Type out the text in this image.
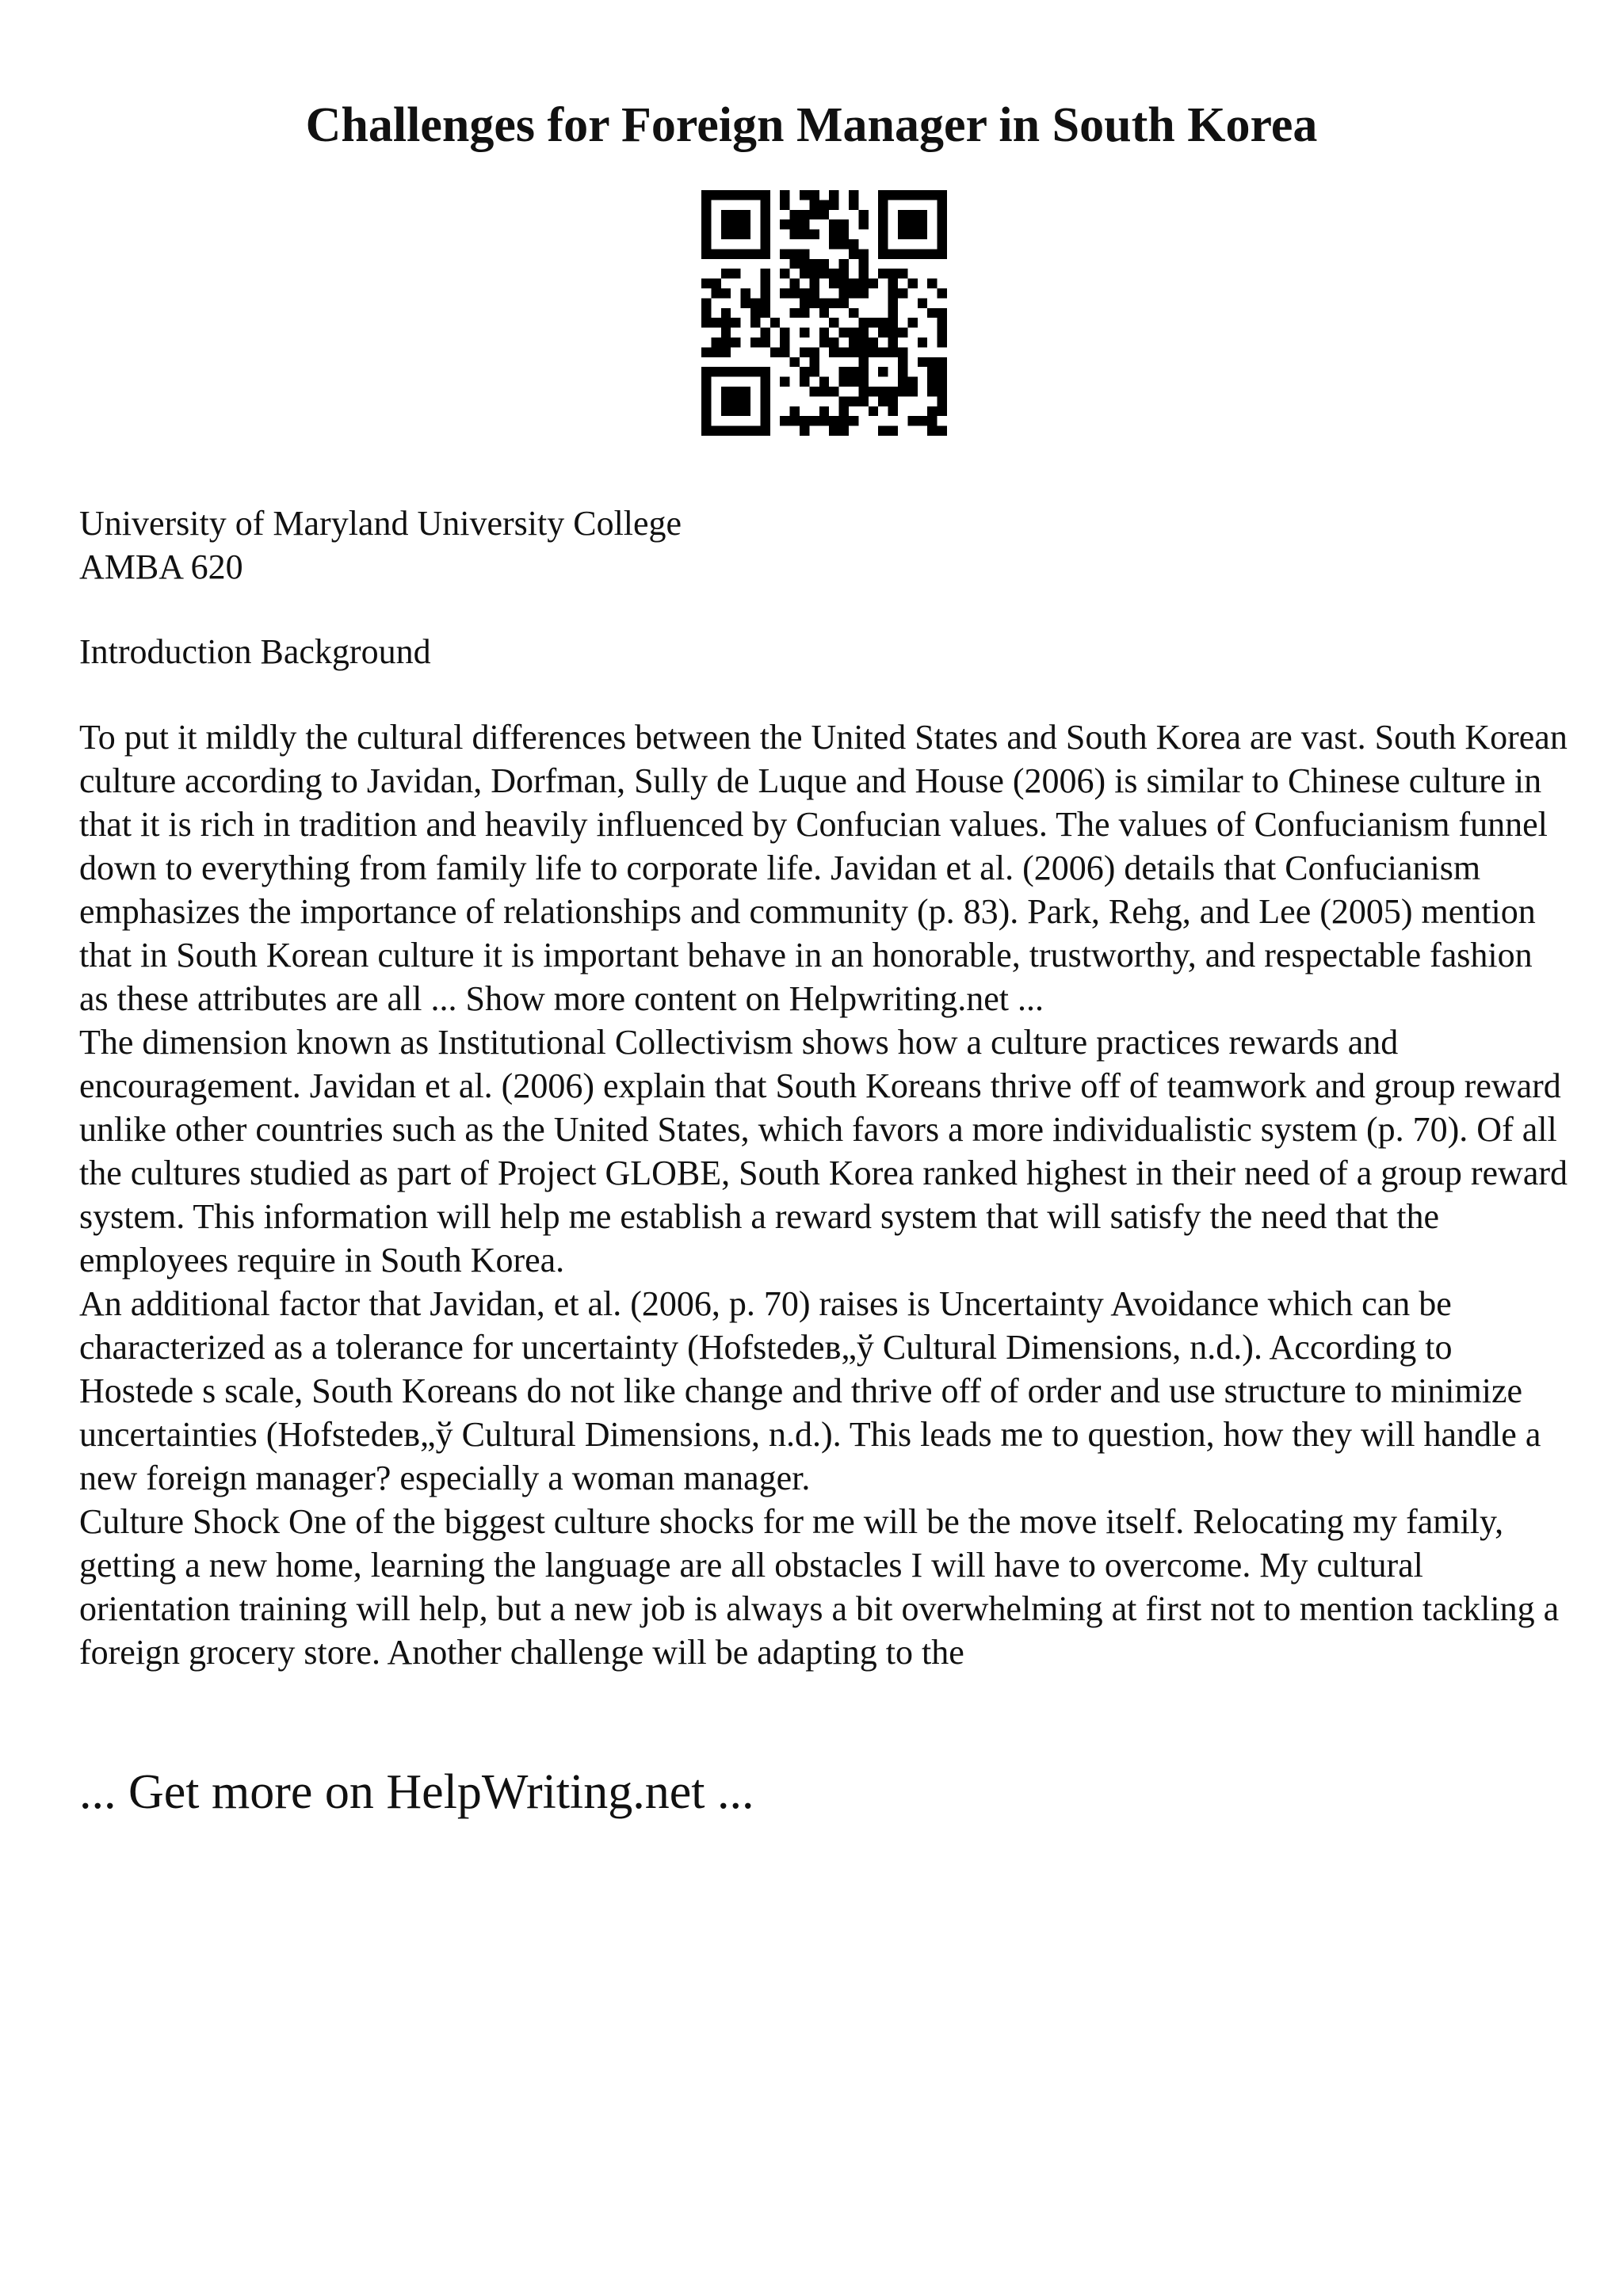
Challenges for Foreign Manager in South Korea
University of Maryland University College
AMBA 620
Introduction Background

To put it mildly the cultural differences between the United States and South Korea are vast. South Korean culture according to Javidan, Dorfman, Sully de Luque and House (2006) is similar to Chinese culture in that it is rich in tradition and heavily influenced by Confucian values. The values of Confucianism funnel down to everything from family life to corporate life. Javidan et al. (2006) details that Confucianism emphasizes the importance of relationships and community (p. 83). Park, Rehg, and Lee (2005) mention that in South Korean culture it is important behave in an honorable, trustworthy, and respectable fashion as these attributes are all ... Show more content on Helpwriting.net ...

The dimension known as Institutional Collectivism shows how a culture practices rewards and encouragement. Javidan et al. (2006) explain that South Koreans thrive off of teamwork and group reward unlike other countries such as the United States, which favors a more individualistic system (p. 70). Of all the cultures studied as part of Project GLOBE, South Korea ranked highest in their need of a group reward system. This information will help me establish a reward system that will satisfy the need that the employees require in South Korea.

An additional factor that Javidan, et al. (2006, p. 70) raises is Uncertainty Avoidance which can be characterized as a tolerance for uncertainty (Hofstedeв„ў Cultural Dimensions, n.d.). According to Hostede s scale, South Koreans do not like change and thrive off of order and use structure to minimize uncertainties (Hofstedeв„ў Cultural Dimensions, n.d.). This leads me to question, how they will handle a new foreign manager? especially a woman manager.

Culture Shock One of the biggest culture shocks for me will be the move itself. Relocating my family, getting a new home, learning the language are all obstacles I will have to overcome. My cultural orientation training will help, but a new job is always a bit overwhelming at first not to mention tackling a foreign grocery store. Another challenge will be adapting to the

... Get more on HelpWriting.net ...
